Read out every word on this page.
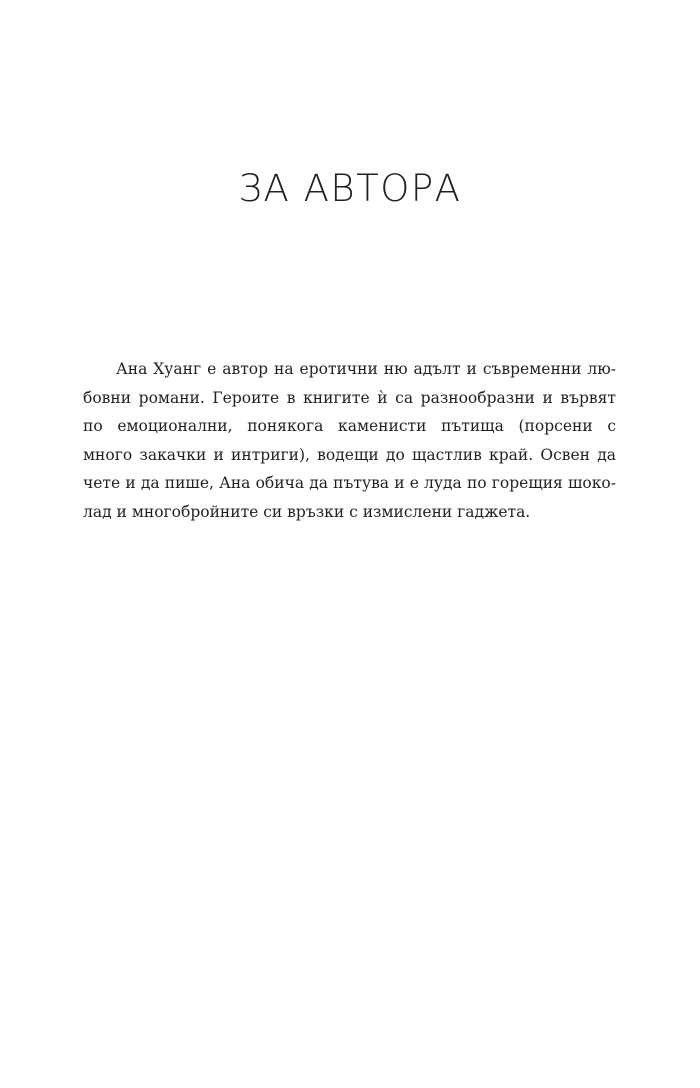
ЗА АВТОРА
Ана Хуанг е автор на еротични ню адълт и съвременни лю-
бовни романи. Героите в книгите ѝ са разнообразни и вървят
по емоционални, понякога каменисти пътища (порсени с
много закачки и интриги), водещи до щастлив край. Освен да
чете и да пише, Ана обича да пътува и е луда по горещия шоко-
лад и многобройните си връзки с измислени гаджета.
